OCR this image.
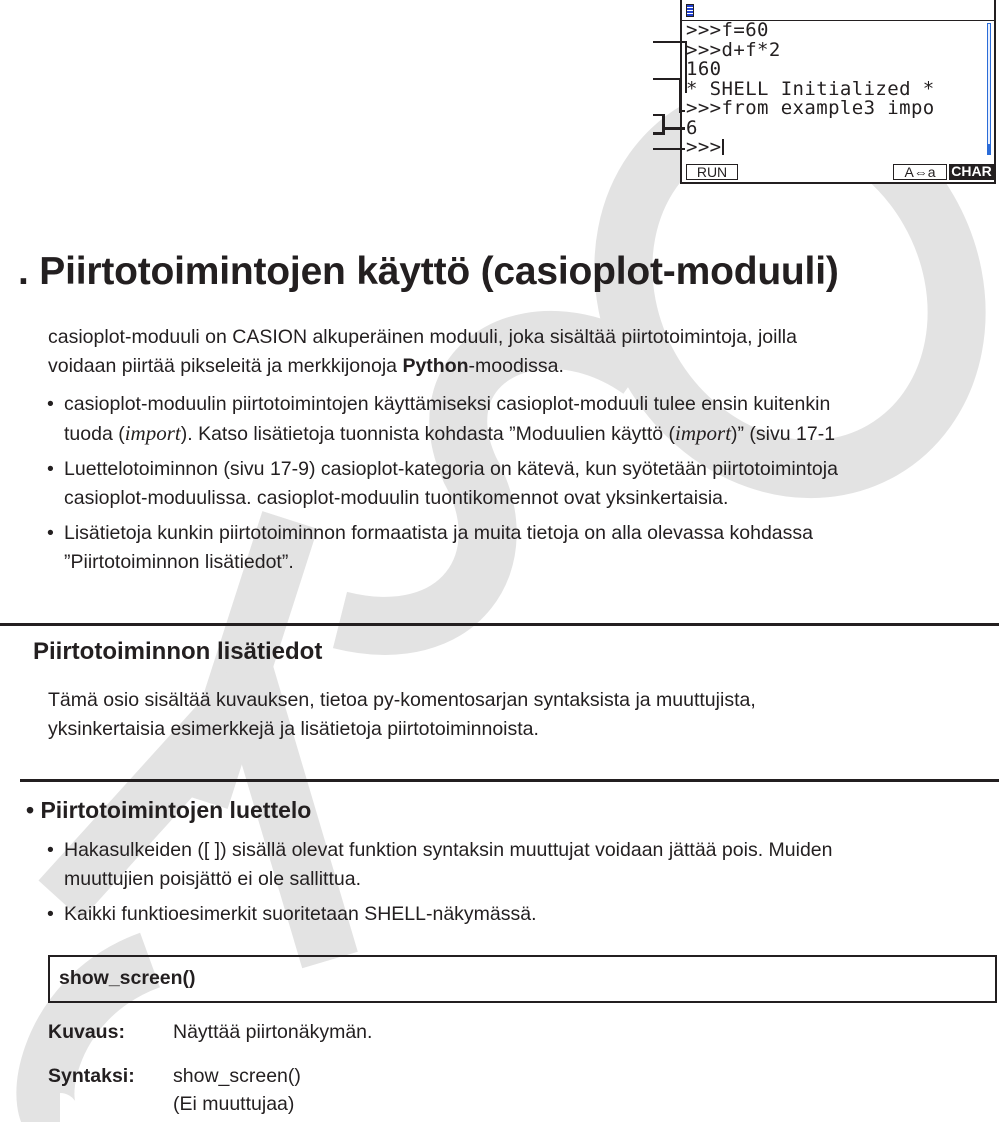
>>>f=60
>>>d+f*2
160
* SHELL Initialized *
>>>from example3 impo
6
>>>
RUN	A⇔a	CHAR
. Piirtotoimintojen käyttö (casioplot-moduuli)
casioplot-moduuli on CASION alkuperäinen moduuli, joka sisältää piirtotoimintoja, joilla
voidaan piirtää pikseleitä ja merkkijonoja Python-moodissa.
• casioplot-moduulin piirtotoimintojen käyttämiseksi casioplot-moduuli tulee ensin kuitenkin
tuoda (import). Katso lisätietoja tuonnista kohdasta ”Moduulien käyttö (import)” (sivu 17-1
• Luettelotoiminnon (sivu 17-9) casioplot-kategoria on kätevä, kun syötetään piirtotoimintoja
casioplot-moduulissa. casioplot-moduulin tuontikomennot ovat yksinkertaisia.
• Lisätietoja kunkin piirtotoiminnon formaatista ja muita tietoja on alla olevassa kohdassa
”Piirtotoiminnon lisätiedot”.
Piirtotoiminnon lisätiedot
Tämä osio sisältää kuvauksen, tietoa py-komentosarjan syntaksista ja muuttujista,
yksinkertaisia esimerkkejä ja lisätietoja piirtotoiminnoista.
• Piirtotoimintojen luettelo
• Hakasulkeiden ([ ]) sisällä olevat funktion syntaksin muuttujat voidaan jättää pois. Muiden
muuttujien poisjättö ei ole sallittua.
• Kaikki funktioesimerkit suoritetaan SHELL-näkymässä.
show_screen()
Kuvaus: Näyttää piirtonäkymän.
Syntaksi: show_screen()
(Ei muuttujaa)
